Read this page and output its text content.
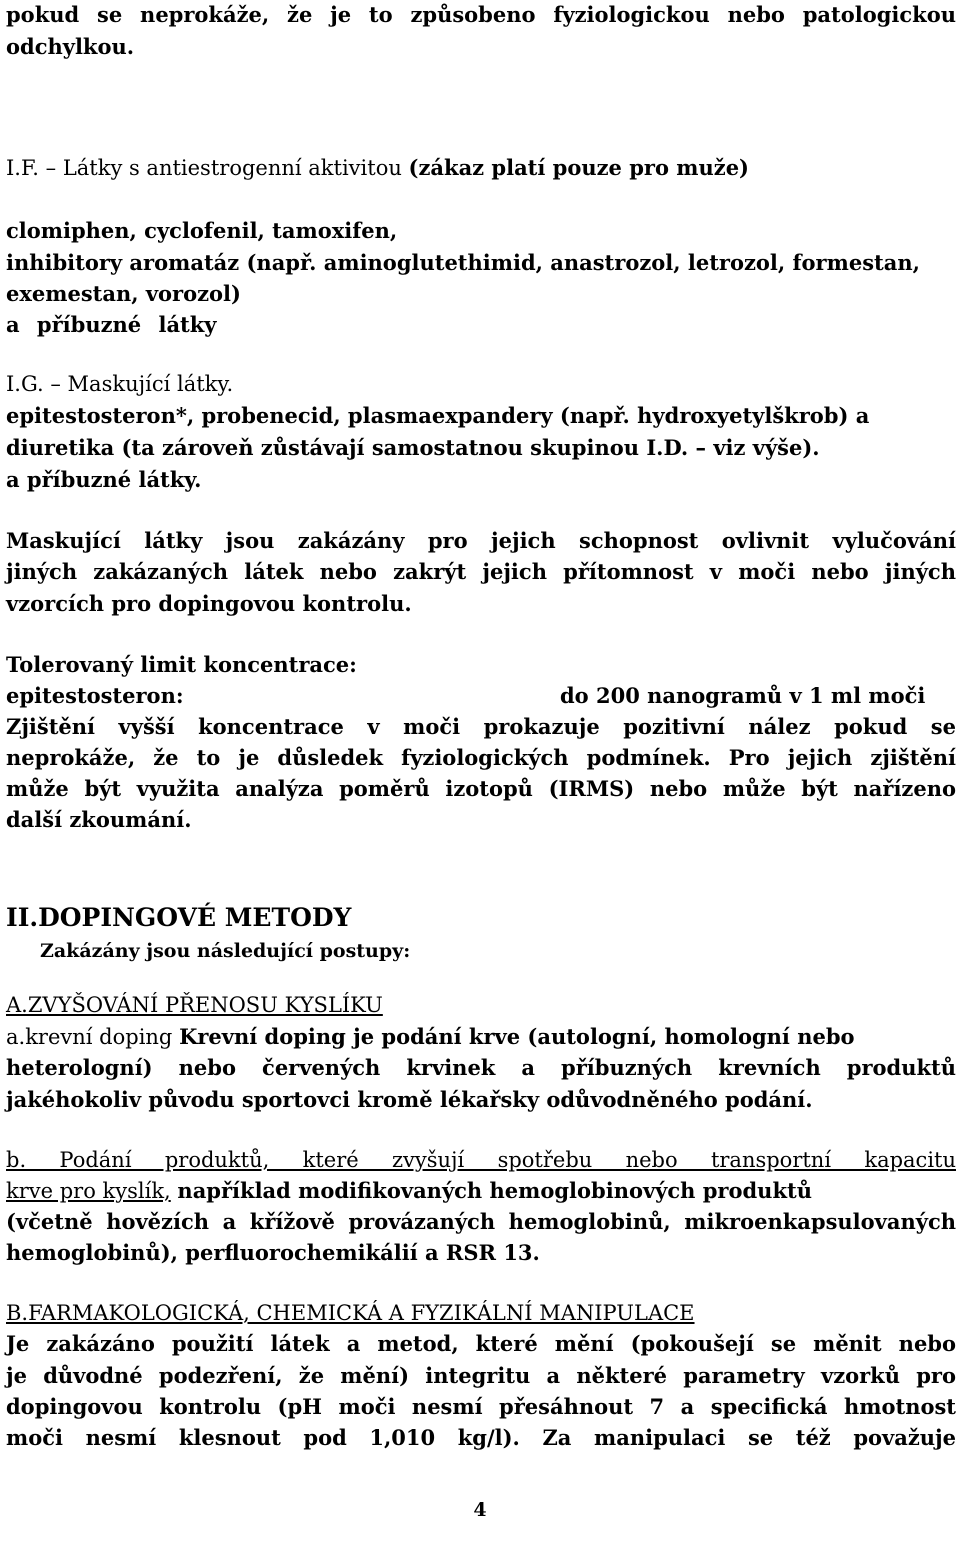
pokud se neprokáže, že je to způsobeno fyziologickou nebo patologickou
odchylkou.
I.F. – Látky s antiestrogenní aktivitou (zákaz platí pouze pro muže)
clomiphen, cyclofenil, tamoxifen,
inhibitory aromatáz (např. aminoglutethimid, anastrozol, letrozol, formestan,
exemestan, vorozol)
a příbuzné látky
I.G. – Maskující látky.
epitestosteron*, probenecid, plasmaexpandery (např. hydroxyetylškrob) a
diuretika (ta zároveň zůstávají samostatnou skupinou I.D. – viz výše).
a příbuzné látky.
Maskující látky jsou zakázány pro jejich schopnost ovlivnit vylučování
jiných zakázaných látek nebo zakrýt jejich přítomnost v moči nebo jiných
vzorcích pro dopingovou kontrolu.
Tolerovaný limit koncentrace:
epitestosteron:	do 200 nanogramů v 1 ml moči
Zjištění vyšší koncentrace v moči prokazuje pozitivní nález pokud se
neprokáže, že to je důsledek fyziologických podmínek. Pro jejich zjištění
může být využita analýza poměrů izotopů (IRMS) nebo může být nařízeno
další zkoumání.
II.DOPINGOVÉ METODY
Zakázány jsou následující postupy:
A.ZVYŠOVÁNÍ PŘENOSU KYSLÍKU
a.krevní doping Krevní doping je podání krve (autologní, homologní nebo
heterologní) nebo červených krvinek a příbuzných krevních produktů
jakéhokoliv původu sportovci kromě lékařsky odůvodněného podání.
b. Podání produktů, které zvyšují spotřebu nebo transportní kapacitu
krve pro kyslík, například modifikovaných hemoglobinových produktů
(včetně hovězích a křížově provázaných hemoglobinů, mikroenkapsulovaných
hemoglobinů), perfluorochemikálií a RSR 13.
B.FARMAKOLOGICKÁ, CHEMICKÁ A FYZIKÁLNÍ MANIPULACE
Je zakázáno použití látek a metod, které mění (pokoušejí se měnit nebo
je důvodné podezření, že mění) integritu a některé parametry vzorků pro
dopingovou kontrolu (pH moči nesmí přesáhnout 7 a specifická hmotnost
moči nesmí klesnout pod 1,010 kg/l). Za manipulaci se též považuje
4
